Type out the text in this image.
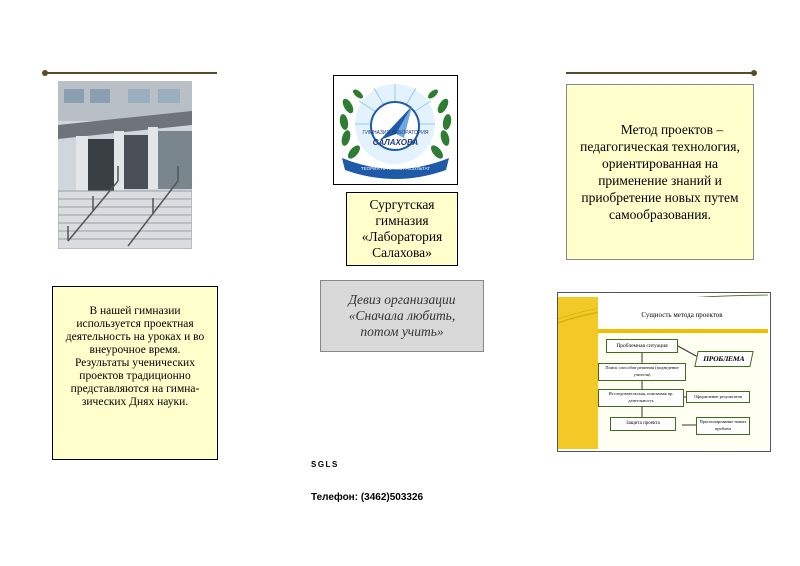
ГИМНАЗИЯ ЛАБОРАТОРИЯ
САЛАХОВА
ТЕОРИЯ ПРАКТИКА РЕЗУЛЬТАТ
Сургутская гимназия «Лаборатория Салахова»
Девиз организации
«Сначала любить, потом учить»
В нашей гимназии используется проектная деятельность на уроках и во внеурочное время. Результаты ученических проектов традиционно представляются на гимна-зических Днях науки.
Метод проектов – педагогическая технология, ориентированная на применение знаний и приобретение новых путем самообразования.
Сущность метода проектов
Проблемная ситуация
ПРОБЛЕМА
Поиск способов решения (подведение учителя)
Исследовательская, поисковая пр. деятельность
Оформление результатов
Защита проекта	Прогнозирование новых проблем
SGLS
Телефон: (3462)503326
